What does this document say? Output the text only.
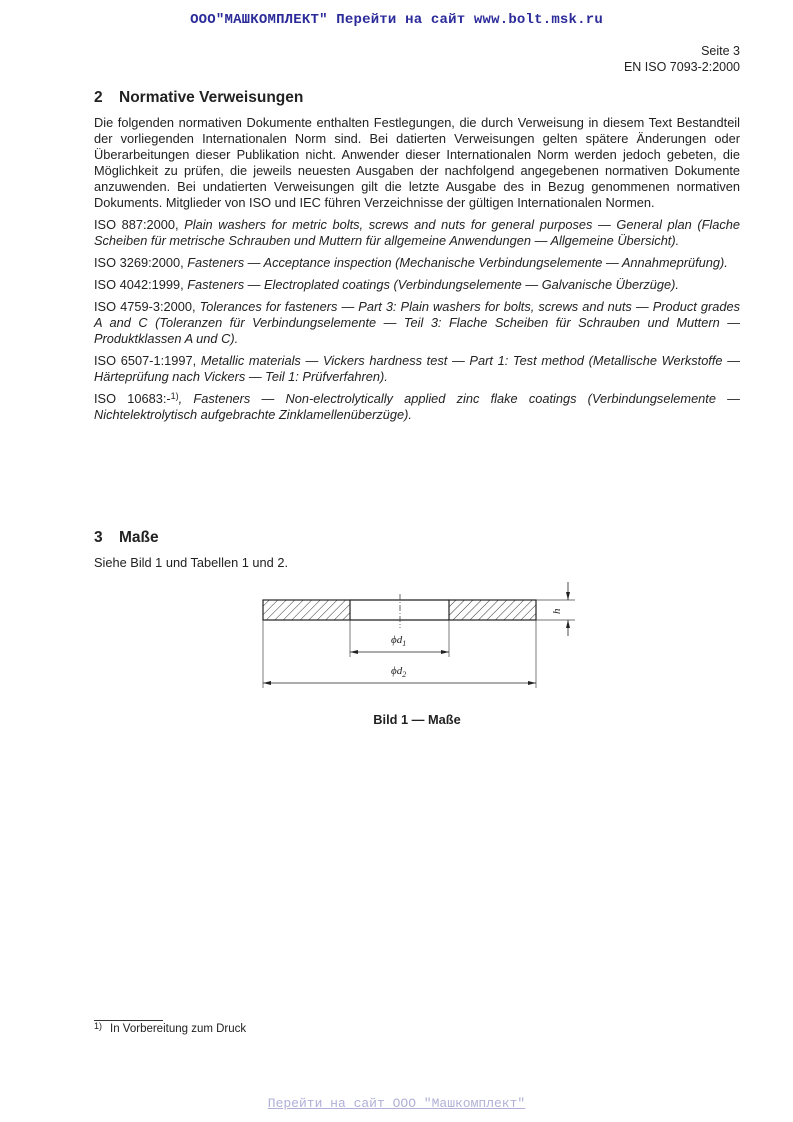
ООО"МАШКОМПЛЕКТ" Перейти на сайт www.bolt.msk.ru
Seite 3
EN ISO 7093-2:2000
2 Normative Verweisungen

Die folgenden normativen Dokumente enthalten Festlegungen, die durch Verweisung in diesem Text Bestandteil der vorliegenden Internationalen Norm sind. Bei datierten Verweisungen gelten spätere Änderungen oder Überarbeitungen dieser Publikation nicht. Anwender dieser Internationalen Norm werden jedoch gebeten, die Möglichkeit zu prüfen, die jeweils neuesten Ausgaben der nachfolgend angegebenen normativen Dokumente anzuwenden. Bei undatierten Verweisungen gilt die letzte Ausgabe des in Bezug genommenen normativen Dokuments. Mitglieder von ISO und IEC führen Verzeichnisse der gültigen Internationalen Normen.

ISO 887:2000, Plain washers for metric bolts, screws and nuts for general purposes — General plan (Flache Scheiben für metrische Schrauben und Muttern für allgemeine Anwendungen — Allgemeine Übersicht).

ISO 3269:2000, Fasteners — Acceptance inspection (Mechanische Verbindungselemente — Annahmeprüfung).

ISO 4042:1999, Fasteners — Electroplated coatings (Verbindungselemente — Galvanische Überzüge).

ISO 4759-3:2000, Tolerances for fasteners — Part 3: Plain washers for bolts, screws and nuts — Product grades A and C (Toleranzen für Verbindungselemente — Teil 3: Flache Scheiben für Schrauben und Muttern — Produktklassen A und C).

ISO 6507-1:1997, Metallic materials — Vickers hardness test — Part 1: Test method (Metallische Werkstoffe — Härteprüfung nach Vickers — Teil 1: Prüfverfahren).

ISO 10683:-$^{1)}$, Fasteners — Non-electrolytically applied zinc flake coatings (Verbindungselemente — Nichtelektrolytisch aufgebrachte Zinklamellenüberzüge).

3 Maße
Siehe Bild 1 und Tabellen 1 und 2.
$\phi d_1$
$\phi d_2$
h
Bild 1 — Maße
$^{1)}$ In Vorbereitung zum Druck
Перейти на сайт ООО "Машкомплект"
